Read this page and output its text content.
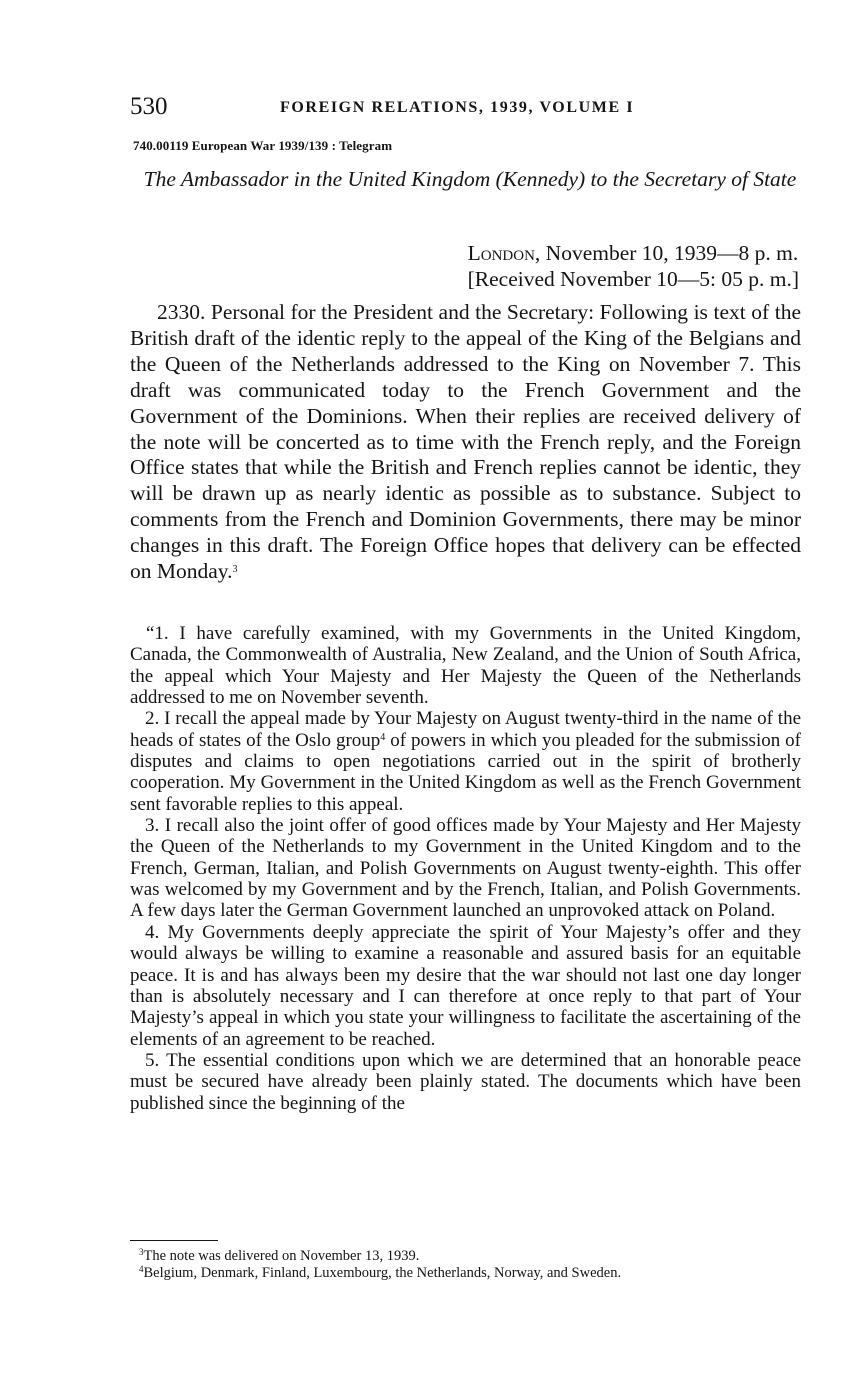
530	FOREIGN RELATIONS, 1939, VOLUME I
740.00119 European War 1939/139 : Telegram
The Ambassador in the United Kingdom (Kennedy) to the Secretary of State
London, November 10, 1939—8 p. m.
[Received November 10—5: 05 p. m.]

2330. Personal for the President and the Secretary: Following is text of the British draft of the identic reply to the appeal of the King of the Belgians and the Queen of the Netherlands addressed to the King on November 7. This draft was communicated today to the French Government and the Government of the Dominions. When their replies are received delivery of the note will be concerted as to time with the French reply, and the Foreign Office states that while the British and French replies cannot be identic, they will be drawn up as nearly identic as possible as to substance. Subject to comments from the French and Dominion Governments, there may be minor changes in this draft. The Foreign Office hopes that delivery can be effected on Monday.$^3$

“1. I have carefully examined, with my Governments in the United Kingdom, Canada, the Commonwealth of Australia, New Zealand, and the Union of South Africa, the appeal which Your Majesty and Her Majesty the Queen of the Netherlands addressed to me on November seventh.

2. I recall the appeal made by Your Majesty on August twenty-third in the name of the heads of states of the Oslo group$^4$ of powers in which you pleaded for the submission of disputes and claims to open negotiations carried out in the spirit of brotherly cooperation. My Government in the United Kingdom as well as the French Government sent favorable replies to this appeal.

3. I recall also the joint offer of good offices made by Your Majesty and Her Majesty the Queen of the Netherlands to my Government in the United Kingdom and to the French, German, Italian, and Polish Governments on August twenty-eighth. This offer was welcomed by my Government and by the French, Italian, and Polish Governments. A few days later the German Government launched an unprovoked attack on Poland.

4. My Governments deeply appreciate the spirit of Your Majesty’s offer and they would always be willing to examine a reasonable and assured basis for an equitable peace. It is and has always been my desire that the war should not last one day longer than is absolutely necessary and I can therefore at once reply to that part of Your Majesty’s appeal in which you state your willingness to facilitate the ascertaining of the elements of an agreement to be reached.

5. The essential conditions upon which we are determined that an honorable peace must be secured have already been plainly stated. The documents which have been published since the beginning of the

$^3$The note was delivered on November 13, 1939.

$^4$Belgium, Denmark, Finland, Luxembourg, the Netherlands, Norway, and Sweden.
